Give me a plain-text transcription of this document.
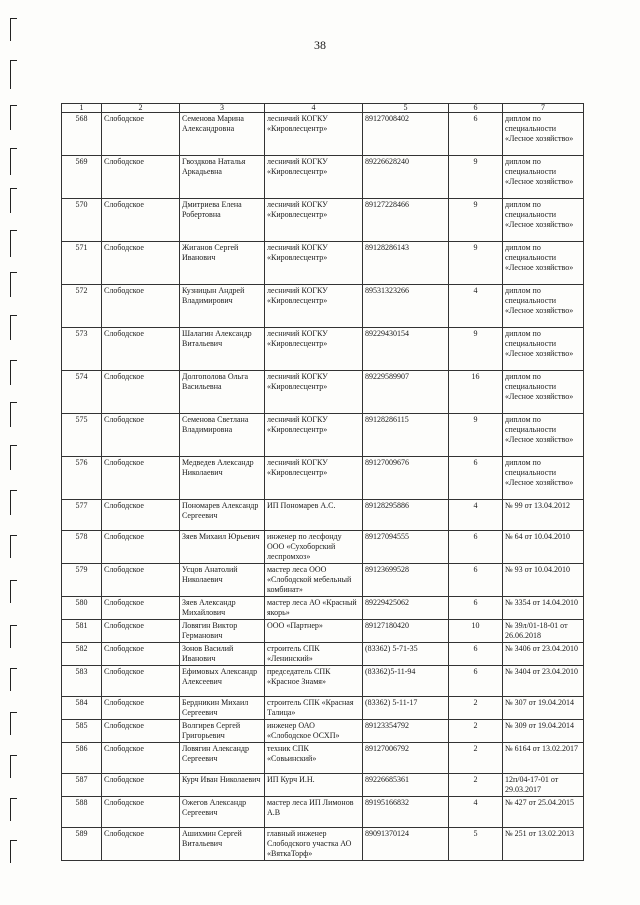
38
1	2	3	4	5	6	7
568	Слободское	Семенова Марина Александровна	лесничий КОГКУ «Кировлесцентр»	89127008402	6	диплом по специальности «Лесное хозяйство»
569	Слободское	Гвоздкова Наталья Аркадьевна	лесничий КОГКУ «Кировлесцентр»	89226628240	9	диплом по специальности «Лесное хозяйство»
570	Слободское	Дмитриева Елена Робертовна	лесничий КОГКУ «Кировлесцентр»	89127228466	9	диплом по специальности «Лесное хозяйство»
571	Слободское	Жиганов Сергей Иванович	лесничий КОГКУ «Кировлесцентр»	89128286143	9	диплом по специальности «Лесное хозяйство»
572	Слободское	Кузницын Андрей Владимирович	лесничий КОГКУ «Кировлесцентр»	89531323266	4	диплом по специальности «Лесное хозяйство»
573	Слободское	Шалагин Александр Витальевич	лесничий КОГКУ «Кировлесцентр»	89229430154	9	диплом по специальности «Лесное хозяйство»
574	Слободское	Долгополова Ольга Васильевна	лесничий КОГКУ «Кировлесцентр»	89229589907	16	диплом по специальности «Лесное хозяйство»
575	Слободское	Семенова Светлана Владимировна	лесничий КОГКУ «Кировлесцентр»	89128286115	9	диплом по специальности «Лесное хозяйство»
576	Слободское	Медведев Александр Николаевич	лесничий КОГКУ «Кировлесцентр»	89127009676	6	диплом по специальности «Лесное хозяйство»
577	Слободское	Пономарев Александр Сергеевич	ИП Пономарев А.С.	89128295886	4	№ 99 от 13.04.2012
578	Слободское	Зяев Михаил Юрьевич	инженер по лесфонду ООО «Сухоборский леспромхоз»	89127094555	6	№ 64 от 10.04.2010
579	Слободское	Усцов Анатолий Николаевич	мастер леса ООО «Слободской мебельный комбинат»	89123699528	6	№ 93 от 10.04.2010
580	Слободское	Зяев Александр Михайлович	мастер леса АО «Красный якорь»	89229425062	6	№ 3354 от 14.04.2010
581	Слободское	Ловягин Виктор Германович	ООО «Партнер»	89127180420	10	№ 39л/01-18-01 от 26.06.2018
582	Слободское	Зонов Василий Иванович	строитель СПК «Ленинский»	(83362) 5-71-35	6	№ 3406 от 23.04.2010
583	Слободское	Ефимовых Александр Алексеевич	председатель СПК «Красное Знамя»	(83362)5-11-94	6	№ 3404 от 23.04.2010
584	Слободское	Бердникин Михаил Сергеевич	строитель СПК «Красная Талица»	(83362) 5-11-17	2	№ 307 от 19.04.2014
585	Слободское	Волгирев Сергей Григорьевич	инженер ОАО «Слободское ОСХП»	89123354792	2	№ 309 от 19.04.2014
586	Слободское	Ловягин Александр Сергеевич	техник СПК «Совьинский»	89127006792	2	№ 6164 от 13.02.2017
587	Слободское	Курч Иван Николаевич	ИП Курч И.Н.	89226685361	2	12п/04-17-01 от 29.03.2017
588	Слободское	Ожегов Александр Сергеевич	мастер леса ИП Лимонов А.В	89195166832	4	№ 427 от 25.04.2015
589	Слободское	Ашихмин Сергей Витальевич	главный инженер Слободского участка АО «ВяткаТорф»	89091370124	5	№ 251 от 13.02.2013
